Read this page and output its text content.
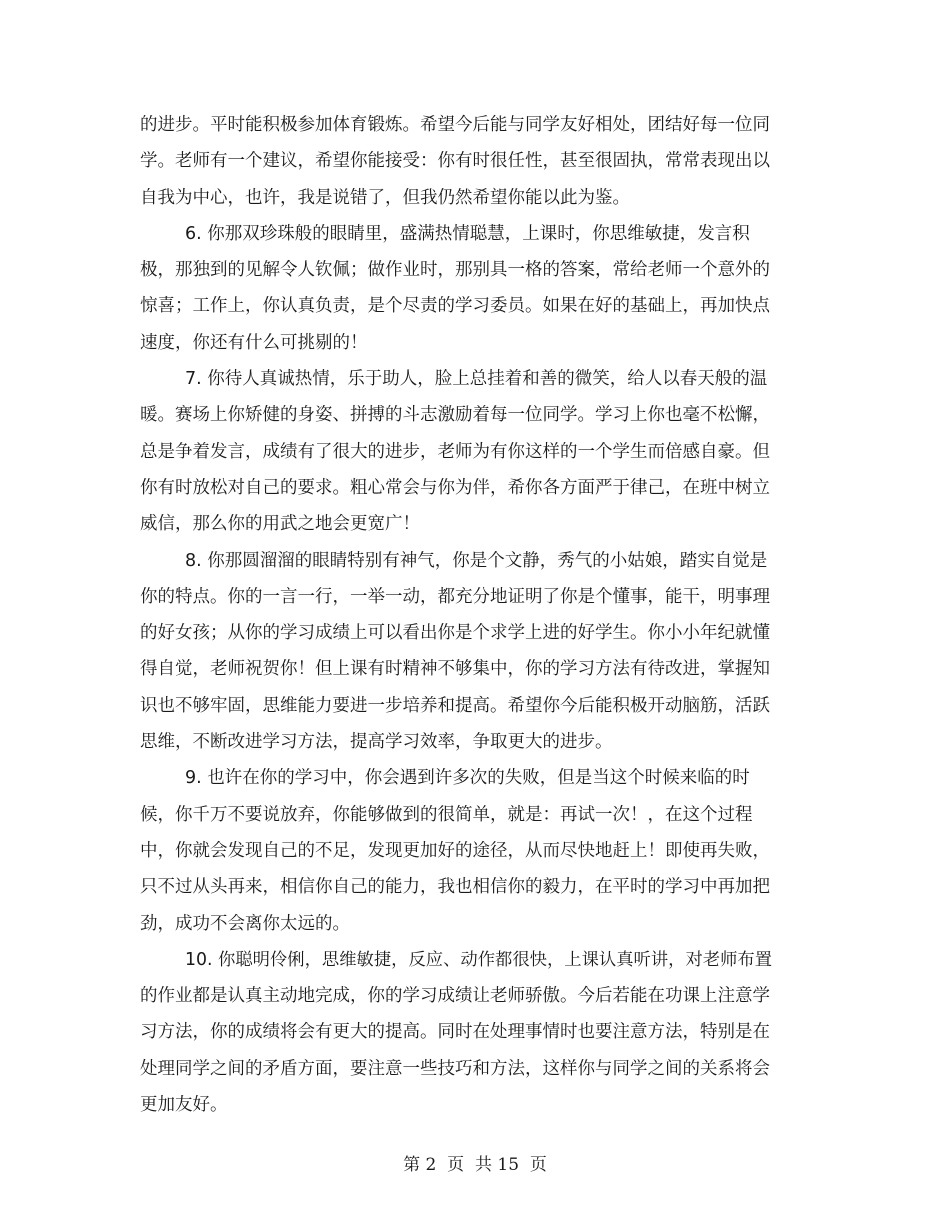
的进步。平时能积极参加体育锻炼。希望今后能与同学友好相处，团结好每一位同
学。老师有一个建议，希望你能接受：你有时很任性，甚至很固执，常常表现出以
自我为中心，也许，我是说错了，但我仍然希望你能以此为鉴。
6. 你那双珍珠般的眼睛里，盛满热情聪慧，上课时，你思维敏捷，发言积
极，那独到的见解令人钦佩；做作业时，那别具一格的答案，常给老师一个意外的
惊喜；工作上，你认真负责，是个尽责的学习委员。如果在好的基础上，再加快点
速度，你还有什么可挑剔的！
7. 你待人真诚热情，乐于助人，脸上总挂着和善的微笑，给人以春天般的温
暖。赛场上你矫健的身姿、拼搏的斗志激励着每一位同学。学习上你也毫不松懈，
总是争着发言，成绩有了很大的进步，老师为有你这样的一个学生而倍感自豪。但
你有时放松对自己的要求。粗心常会与你为伴，希你各方面严于律己，在班中树立
威信，那么你的用武之地会更宽广！
8. 你那圆溜溜的眼睛特别有神气，你是个文静，秀气的小姑娘，踏实自觉是
你的特点。你的一言一行，一举一动，都充分地证明了你是个懂事，能干，明事理
的好女孩；从你的学习成绩上可以看出你是个求学上进的好学生。你小小年纪就懂
得自觉，老师祝贺你！但上课有时精神不够集中，你的学习方法有待改进，掌握知
识也不够牢固，思维能力要进一步培养和提高。希望你今后能积极开动脑筋，活跃
思维，不断改进学习方法，提高学习效率，争取更大的进步。
9. 也许在你的学习中，你会遇到许多次的失败，但是当这个时候来临的时
候，你千万不要说放弃，你能够做到的很简单，就是：再试一次！，在这个过程
中，你就会发现自己的不足，发现更加好的途径，从而尽快地赶上！即使再失败，
只不过从头再来，相信你自己的能力，我也相信你的毅力，在平时的学习中再加把
劲，成功不会离你太远的。
10. 你聪明伶俐，思维敏捷，反应、动作都很快，上课认真听讲，对老师布置
的作业都是认真主动地完成，你的学习成绩让老师骄傲。今后若能在功课上注意学
习方法，你的成绩将会有更大的提高。同时在处理事情时也要注意方法，特别是在
处理同学之间的矛盾方面，要注意一些技巧和方法，这样你与同学之间的关系将会
更加友好。
第 2  页  共 15  页
